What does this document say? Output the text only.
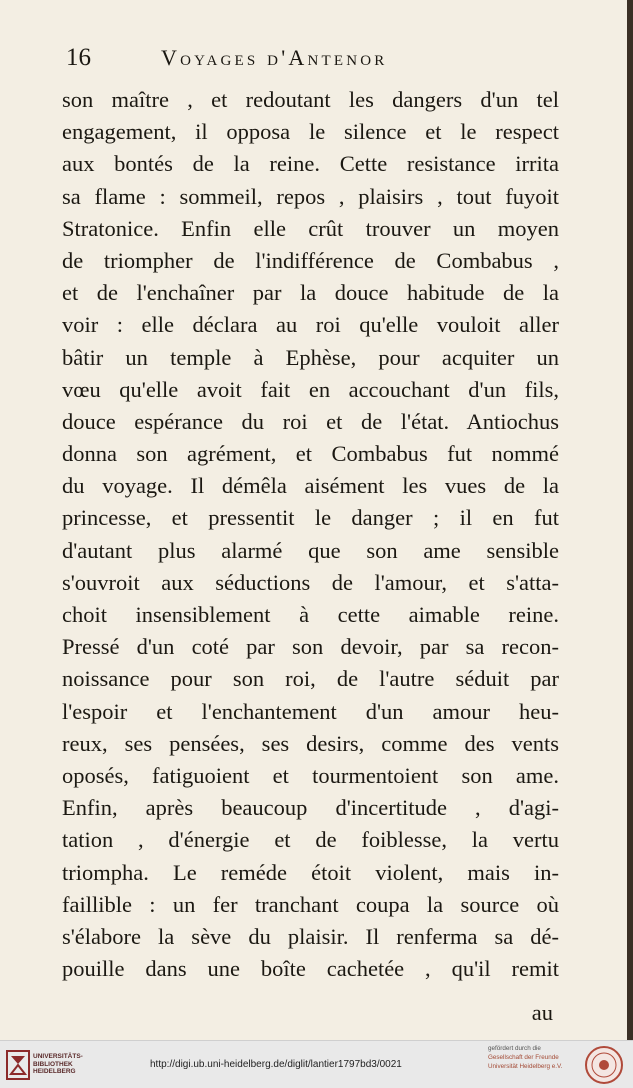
16	Voyages d'Antenor
son maître , et redoutant les dangers d'un tel
engagement, il opposa le silence et le respect
aux bontés de la reine. Cette resistance irrita
sa flame : sommeil, repos , plaisirs , tout fuyoit
Stratonice. Enfin elle crût trouver un moyen
de triompher de l'indifférence de Combabus ,
et de l'enchaîner par la douce habitude de la
voir : elle déclara au roi qu'elle vouloit aller
bâtir un temple à Ephèse, pour acquiter un
vœu qu'elle avoit fait en accouchant d'un fils,
douce espérance du roi et de l'état. Antiochus
donna son agrément, et Combabus fut nommé
du voyage. Il démêla aisément les vues de la
princesse, et pressentit le danger ; il en fut
d'autant plus alarmé que son ame sensible
s'ouvroit aux séductions de l'amour, et s'atta-
choit insensiblement à cette aimable reine.
Pressé d'un coté par son devoir, par sa recon-
noissance pour son roi, de l'autre séduit par
l'espoir et l'enchantement d'un amour heu-
reux, ses pensées, ses desirs, comme des vents
oposés, fatiguoient et tourmentoient son ame.
Enfin, après beaucoup d'incertitude , d'agi-
tation , d'énergie et de foiblesse, la vertu
triompha. Le reméde étoit violent, mais in-
faillible : un fer tranchant coupa la source où
s'élabore la sève du plaisir. Il renferma sa dé-
pouille dans une boîte cachetée , qu'il remit
au
UNIVERSITÄTS-
BIBLIOTHEK
HEIDELBERG
http://digi.ub.uni-heidelberg.de/diglit/lantier1797bd3/0021
gefördert durch die
Gesellschaft der Freunde
Universität Heidelberg e.V.
